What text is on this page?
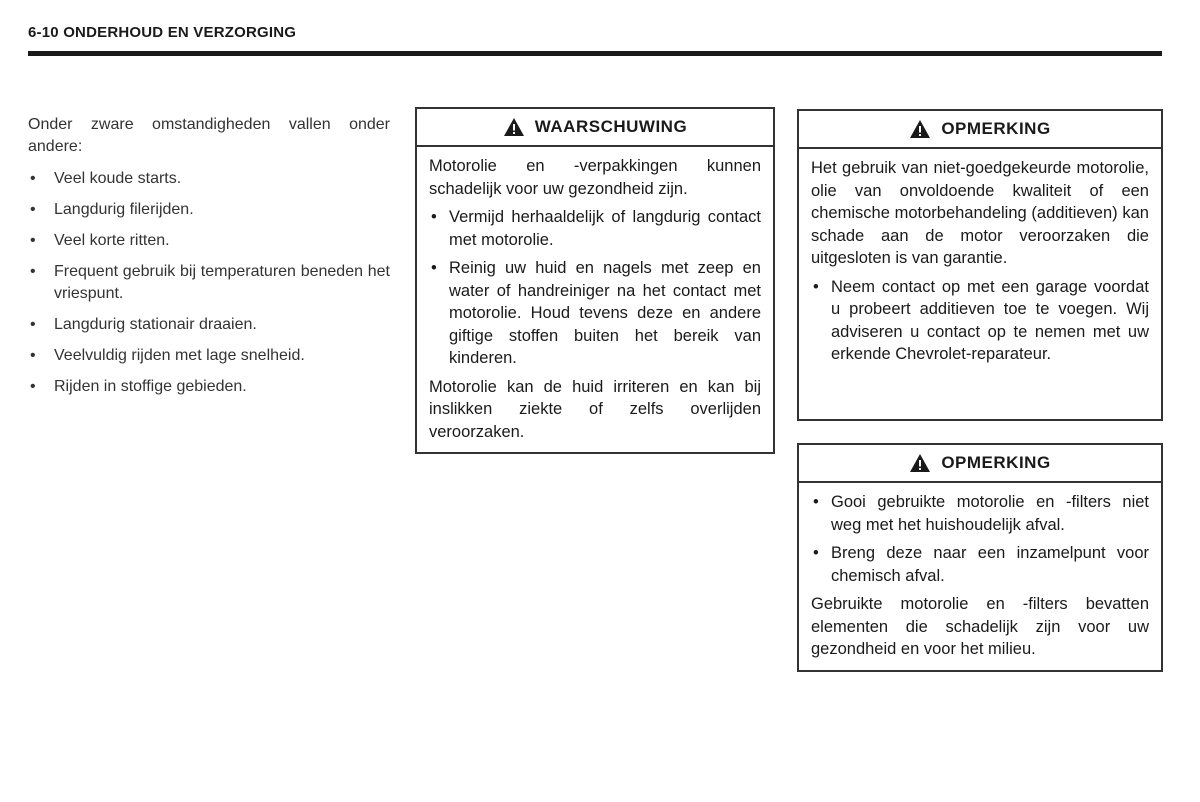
6-10 ONDERHOUD EN VERZORGING

Onder zware omstandigheden vallen onder andere:

• Veel koude starts.
• Langdurig filerijden.
• Veel korte ritten.
• Frequent gebruik bij temperaturen beneden het vriespunt.
• Langdurig stationair draaien.
• Veelvuldig rijden met lage snelheid.
• Rijden in stoffige gebieden.
WAARSCHUWING

Motorolie en -verpakkingen kunnen schadelijk voor uw gezondheid zijn.

• Vermijd herhaaldelijk of langdurig contact met motorolie.
• Reinig uw huid en nagels met zeep en water of handreiniger na het contact met motorolie. Houd tevens deze en andere giftige stoffen buiten het bereik van kinderen.

Motorolie kan de huid irriteren en kan bij inslikken ziekte of zelfs overlijden veroorzaken.

OPMERKING

Het gebruik van niet-goedgekeurde motorolie, olie van onvoldoende kwaliteit of een chemische motorbehandeling (additieven) kan schade aan de motor veroorzaken die uitgesloten is van garantie.

• Neem contact op met een garage voordat u probeert additieven toe te voegen. Wij adviseren u contact op te nemen met uw erkende Chevrolet-reparateur.
OPMERKING
• Gooi gebruikte motorolie en -filters niet weg met het huishoudelijk afval.
• Breng deze naar een inzamelpunt voor chemisch afval.

Gebruikte motorolie en -filters bevatten elementen die schadelijk zijn voor uw gezondheid en voor het milieu.
